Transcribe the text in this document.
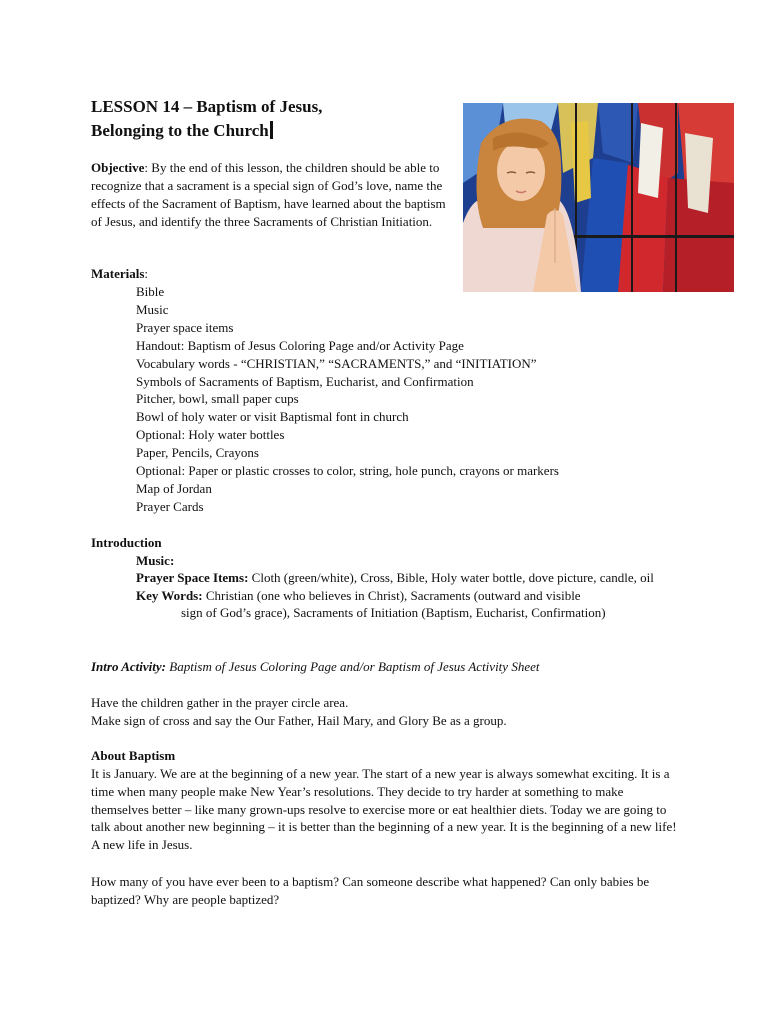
LESSON 14 – Baptism of Jesus,
Belonging to the Church

Objective: By the end of this lesson, the children should be able to recognize that a sacrament is a special sign of God’s love, name the effects of the Sacrament of Baptism, have learned about the baptism of Jesus, and identify the three Sacraments of Christian Initiation.

Materials:

Bible
Music
Prayer space items
Handout: Baptism of Jesus Coloring Page and/or Activity Page
Vocabulary words - “CHRISTIAN,” “SACRAMENTS,” and “INITIATION”
Symbols of Sacraments of Baptism, Eucharist, and Confirmation
Pitcher, bowl, small paper cups
Bowl of holy water or visit Baptismal font in church
Optional: Holy water bottles
Paper, Pencils, Crayons
Optional: Paper or plastic crosses to color, string, hole punch, crayons or markers
Map of Jordan
Prayer Cards

Introduction

Music:

Prayer Space Items: Cloth (green/white), Cross, Bible, Holy water bottle, dove picture, candle, oil

Key Words: Christian (one who believes in Christ), Sacraments (outward and visible

sign of God’s grace), Sacraments of Initiation (Baptism, Eucharist, Confirmation)

Intro Activity: Baptism of Jesus Coloring Page and/or Baptism of Jesus Activity Sheet

Have the children gather in the prayer circle area.
Make sign of cross and say the Our Father, Hail Mary, and Glory Be as a group.

About Baptism

It is January. We are at the beginning of a new year. The start of a new year is always somewhat exciting. It is a time when many people make New Year’s resolutions. They decide to try harder at something to make themselves better – like many grown-ups resolve to exercise more or eat healthier diets. Today we are going to talk about another new beginning – it is better than the beginning of a new year. It is the beginning of a new life! A new life in Jesus.

How many of you have ever been to a baptism? Can someone describe what happened? Can only babies be baptized? Why are people baptized?
